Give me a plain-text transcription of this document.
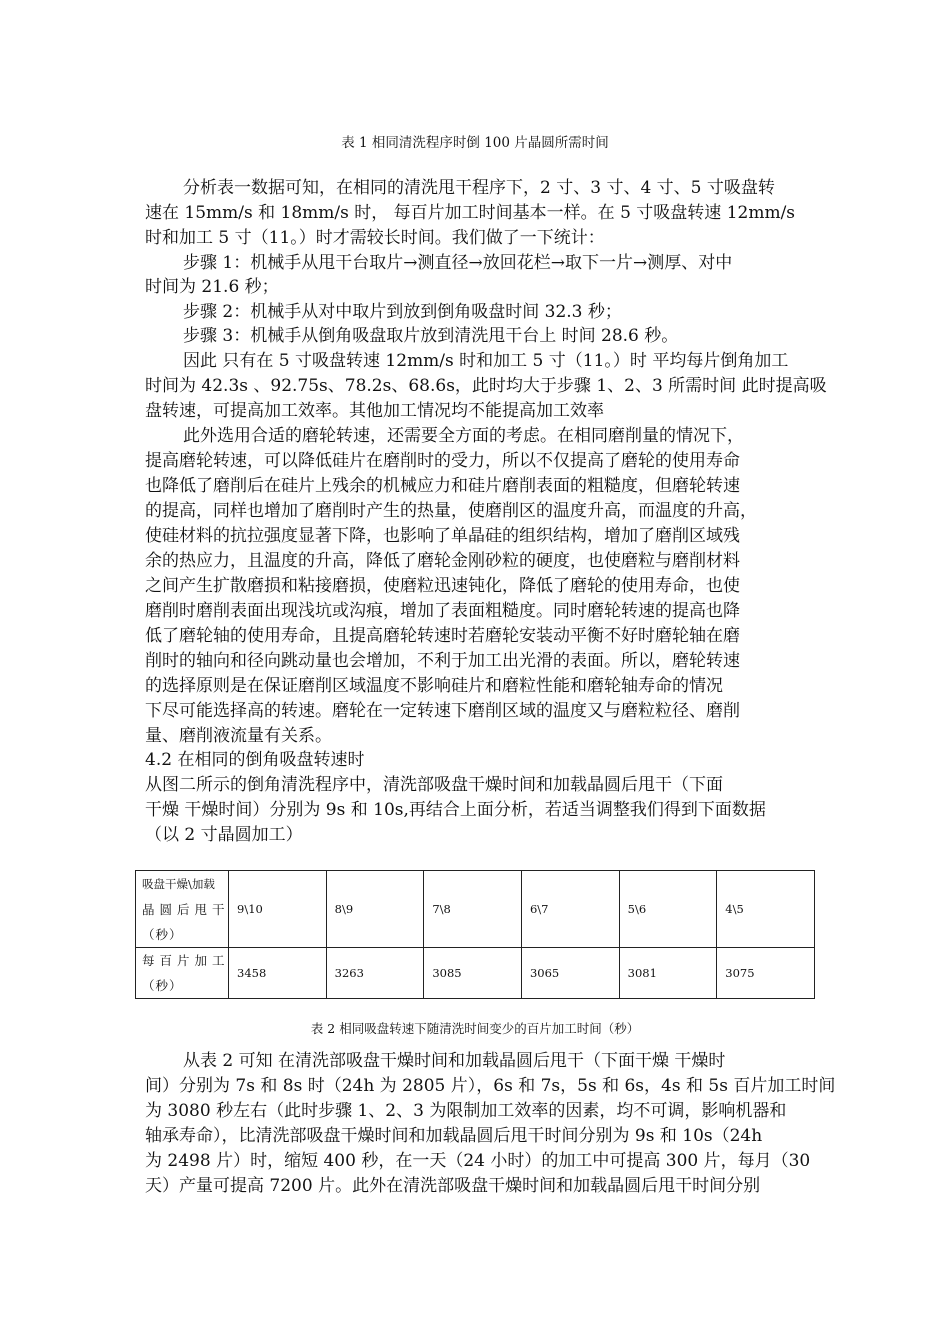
表 1 相同清洗程序时倒 100 片晶圆所需时间
分析表一数据可知，在相同的清洗甩干程序下，2 寸、3 寸、4 寸、5 寸吸盘转
速在 15mm/s 和 18mm/s 时， 每百片加工时间基本一样。在 5 寸吸盘转速 12mm/s
时和加工 5 寸（11。）时才需较长时间。我们做了一下统计：
步骤 1：机械手从甩干台取片→测直径→放回花栏→取下一片→测厚、对中
时间为 21.6 秒；
步骤 2：机械手从对中取片到放到倒角吸盘时间 32.3 秒；
步骤 3：机械手从倒角吸盘取片放到清洗甩干台上 时间 28.6 秒。
因此 只有在 5 寸吸盘转速 12mm/s 时和加工 5 寸（11。）时 平均每片倒角加工
时间为 42.3s 、92.75s、78.2s、68.6s，此时均大于步骤 1、2、3 所需时间 此时提高吸
盘转速，可提高加工效率。其他加工情况均不能提高加工效率
此外选用合适的磨轮转速，还需要全方面的考虑。在相同磨削量的情况下，
提高磨轮转速，可以降低硅片在磨削时的受力，所以不仅提高了磨轮的使用寿命
也降低了磨削后在硅片上残余的机械应力和硅片磨削表面的粗糙度，但磨轮转速
的提高，同样也增加了磨削时产生的热量，使磨削区的温度升高，而温度的升高，
使硅材料的抗拉强度显著下降，也影响了单晶硅的组织结构，增加了磨削区域残
余的热应力，且温度的升高，降低了磨轮金刚砂粒的硬度，也使磨粒与磨削材料
之间产生扩散磨损和粘接磨损，使磨粒迅速钝化，降低了磨轮的使用寿命，也使
磨削时磨削表面出现浅坑或沟痕，增加了表面粗糙度。同时磨轮转速的提高也降
低了磨轮轴的使用寿命，且提高磨轮转速时若磨轮安装动平衡不好时磨轮轴在磨
削时的轴向和径向跳动量也会增加，不利于加工出光滑的表面。所以，磨轮转速
的选择原则是在保证磨削区域温度不影响硅片和磨粒性能和磨轮轴寿命的情况
下尽可能选择高的转速。磨轮在一定转速下磨削区域的温度又与磨粒粒径、磨削
量、磨削液流量有关系。
4.2 在相同的倒角吸盘转速时
从图二所示的倒角清洗程序中，清洗部吸盘干燥时间和加载晶圆后甩干（下面
干燥 干燥时间）分别为 9s 和 10s,再结合上面分析，若适当调整我们得到下面数据
（以 2 寸晶圆加工）
吸盘干燥\加载
晶圆后甩干
（秒）	9\10	8\9	7\8	6\7	5\6	4\5

每百片加工
（秒）	3458	3263	3085	3065	3081	3075
表 2 相同吸盘转速下随清洗时间变少的百片加工时间（秒）
从表 2 可知 在清洗部吸盘干燥时间和加载晶圆后甩干（下面干燥 干燥时
间）分别为 7s 和 8s 时（24h 为 2805 片），6s 和 7s，5s 和 6s，4s 和 5s 百片加工时间
为 3080 秒左右（此时步骤 1、2、3 为限制加工效率的因素，均不可调，影响机器和
轴承寿命），比清洗部吸盘干燥时间和加载晶圆后甩干时间分别为 9s 和 10s（24h
为 2498 片）时，缩短 400 秒，在一天（24 小时）的加工中可提高 300 片，每月（30
天）产量可提高 7200 片。此外在清洗部吸盘干燥时间和加载晶圆后甩干时间分别
